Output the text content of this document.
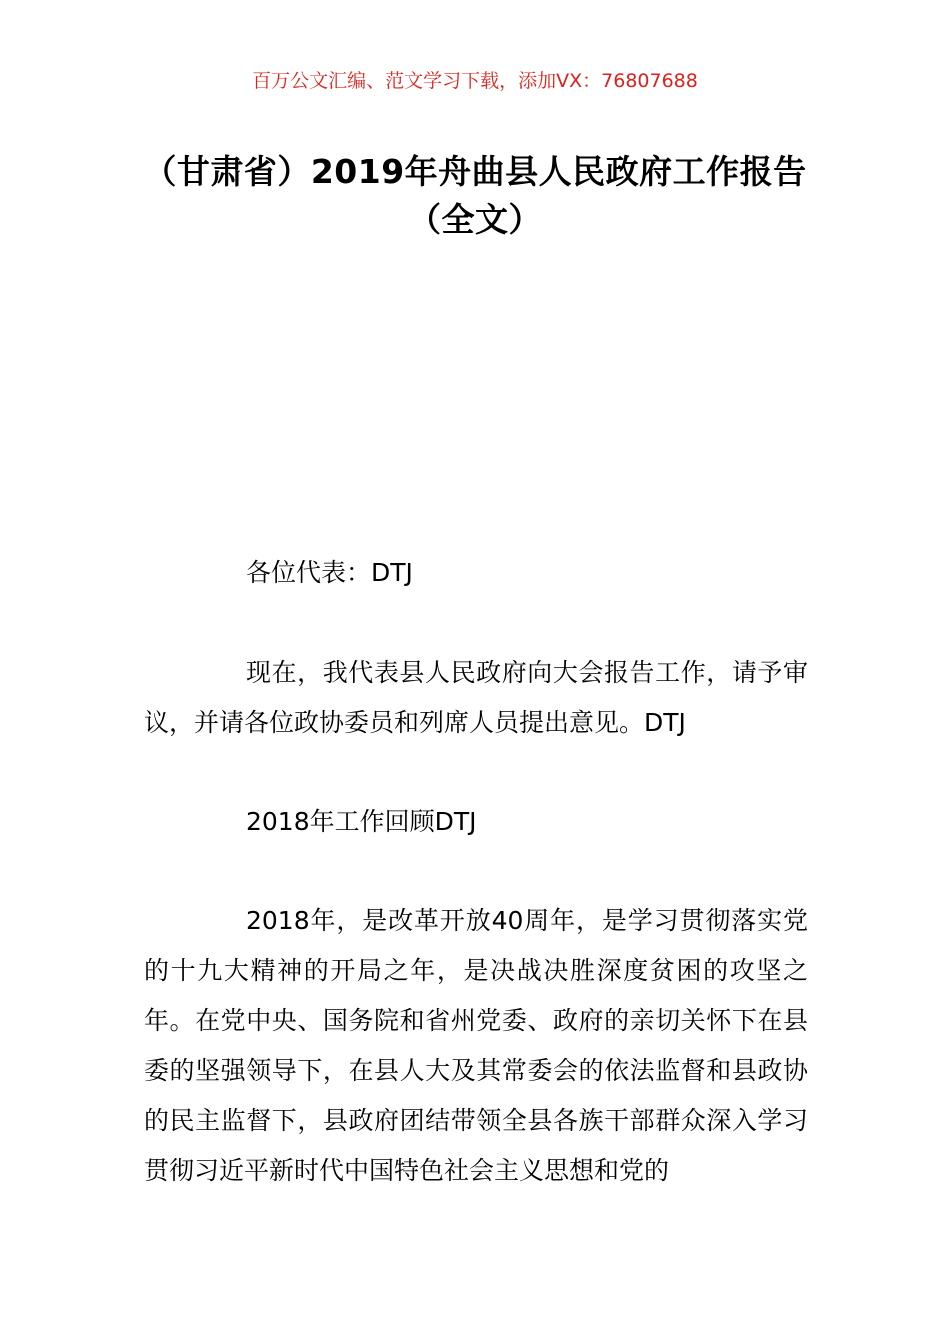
百万公文汇编、范文学习下载，添加VX：76807688
（甘肃省）2019年舟曲县人民政府工作报告（全文）
各位代表：DTJ
现在，我代表县人民政府向大会报告工作，请予审议，并请各位政协委员和列席人员提出意见。DTJ
2018年工作回顾DTJ
2018年，是改革开放40周年，是学习贯彻落实党的十九大精神的开局之年，是决战决胜深度贫困的攻坚之年。在党中央、国务院和省州党委、政府的亲切关怀下在县委的坚强领导下，在县人大及其常委会的依法监督和县政协的民主监督下，县政府团结带领全县各族干部群众深入学习贯彻习近平新时代中国特色社会主义思想和党的
